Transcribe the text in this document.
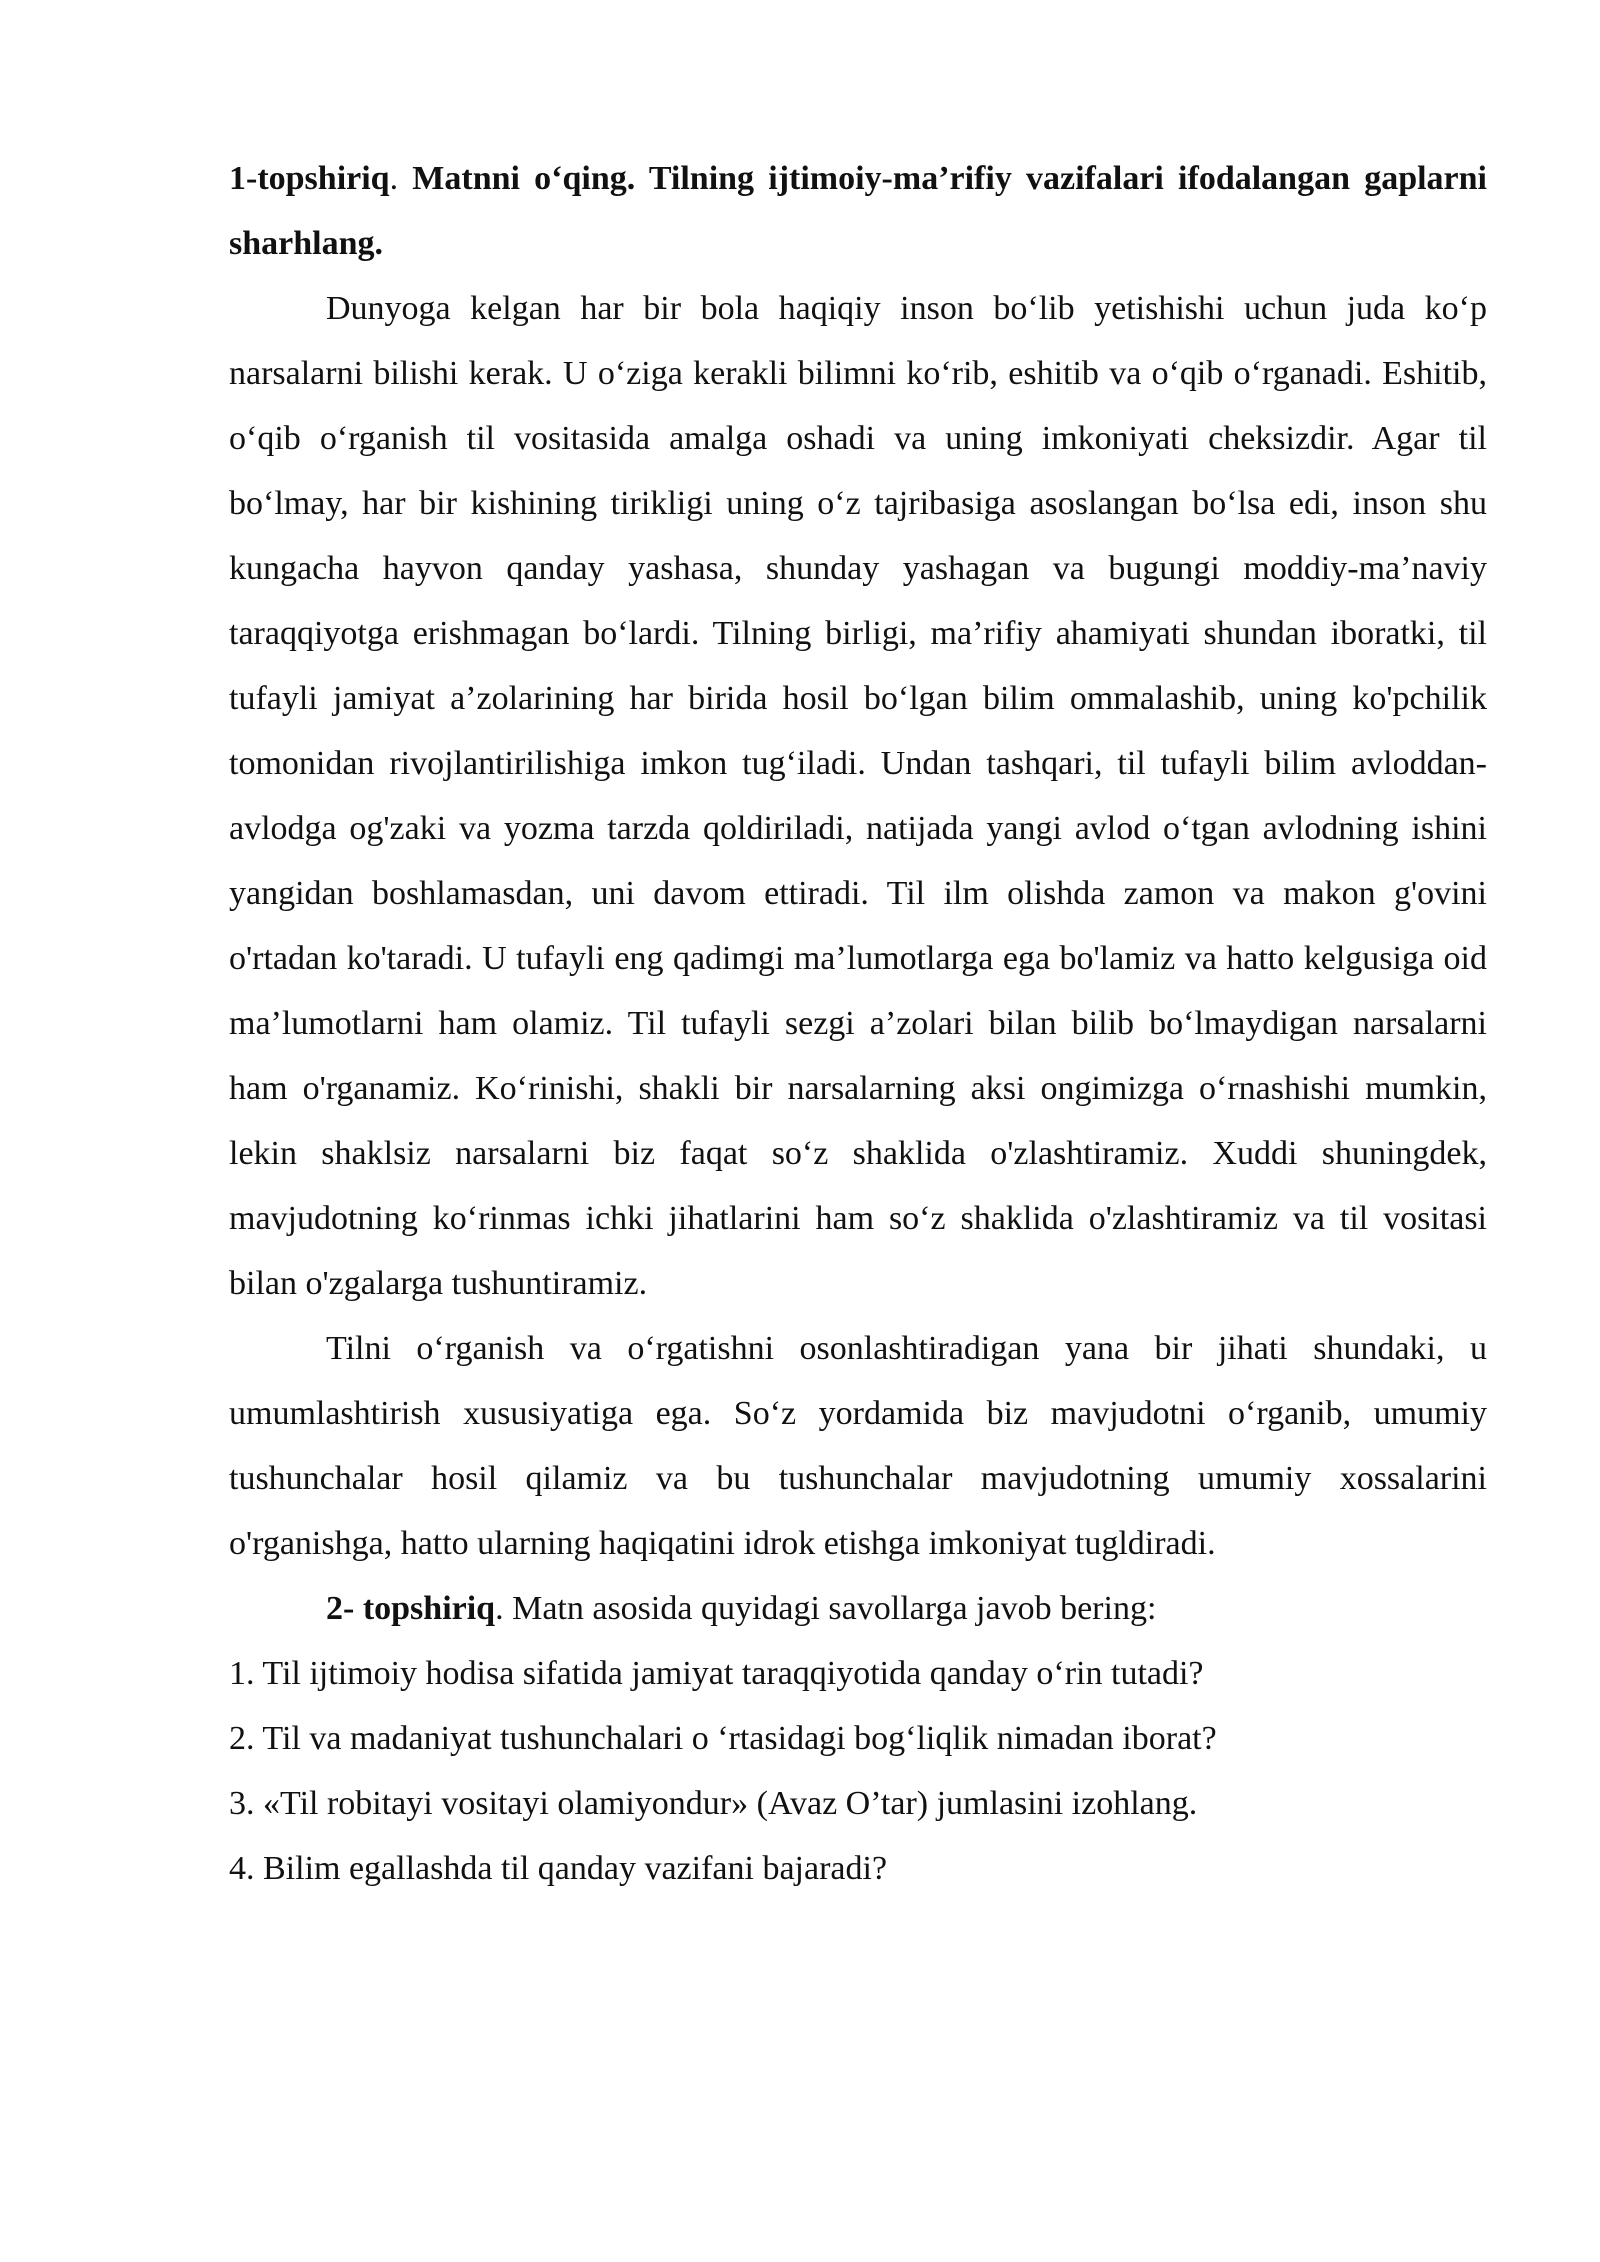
1-topshiriq. Matnni o‘qing. Tilning ijtimoiy-ma’rifiy vazifalari ifodalangan gaplarni sharhlang.

Dunyoga kelgan har bir bola haqiqiy inson bo‘lib yetishishi uchun juda ko‘p narsalarni bilishi kerak. U o‘ziga kerakli bilimni ko‘rib, eshitib va o‘qib o‘rganadi. Eshitib, o‘qib o‘rganish til vositasida amalga oshadi va uning imkoniyati cheksizdir. Agar til bo‘lmay, har bir kishining tirikligi uning o‘z tajribasiga asoslangan bo‘lsa edi, inson shu kungacha hayvon qanday yashasa, shunday yashagan va bugungi moddiy-ma’naviy taraqqiyotga erishmagan bo‘lardi. Tilning birligi, ma’rifiy ahamiyati shundan iboratki, til tufayli jamiyat a’zolarining har birida hosil bo‘lgan bilim ommalashib, uning ko'pchilik tomonidan rivojlantirilishiga imkon tug‘iladi. Undan tashqari, til tufayli bilim avloddan-avlodga og'zaki va yozma tarzda qoldiriladi, natijada yangi avlod o‘tgan avlodning ishini yangidan boshlamasdan, uni davom ettiradi. Til ilm olishda zamon va makon g'ovini o'rtadan ko'taradi. U tufayli eng qadimgi ma’lumotlarga ega bo'lamiz va hatto kelgusiga oid ma’lumotlarni ham olamiz. Til tufayli sezgi a’zolari bilan bilib bo‘lmaydigan narsalarni ham o'rganamiz. Ko‘rinishi, shakli bir narsalarning aksi ongimizga o‘rnashishi mumkin, lekin shaklsiz narsalarni biz faqat so‘z shaklida o'zlashtiramiz. Xuddi shuningdek, mavjudotning ko‘rinmas ichki jihatlarini ham so‘z shaklida o'zlashtiramiz va til vositasi bilan o'zgalarga tushuntiramiz.

Tilni o‘rganish va o‘rgatishni osonlashtiradigan yana bir jihati shundaki, u umumlashtirish xususiyatiga ega. So‘z yordamida biz mavjudotni o‘rganib, umumiy tushunchalar hosil qilamiz va bu tushunchalar mavjudotning umumiy xossalarini o'rganishga, hatto ularning haqiqatini idrok etishga imkoniyat tugldiradi.

2- topshiriq. Matn asosida quyidagi savollarga javob bering:

1. Til ijtimoiy hodisa sifatida jamiyat taraqqiyotida qanday o‘rin tutadi?

2. Til va madaniyat tushunchalari o ‘rtasidagi bog‘liqlik nimadan iborat?

3. «Til robitayi vositayi olamiyondur» (Avaz O’tar) jumlasini izohlang.

4. Bilim egallashda til qanday vazifani bajaradi?
